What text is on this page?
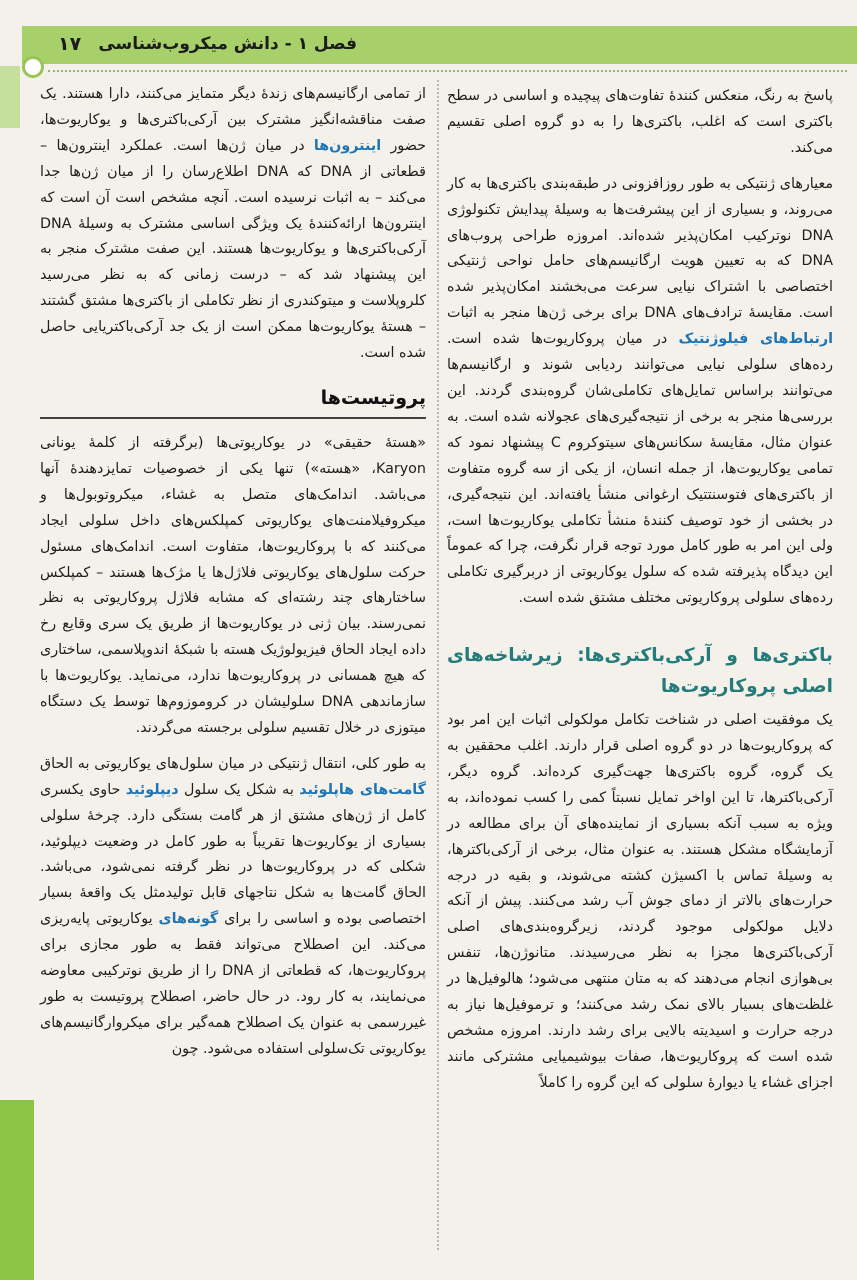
فصل ۱ - دانش میکروب‌شناسی
۱۷

پاسخ به رنگ، منعکس کنندهٔ تفاوت‌های پیچیده و اساسی در سطح باکتری است که اغلب، باکتری‌ها را به دو گروه اصلی تقسیم می‌کند.

معیارهای ژنتیکی به طور روزافزونی در طبقه‌بندی باکتری‌ها به کار می‌روند، و بسیاری از این پیشرفت‌ها به وسیلهٔ پیدایش تکنولوژی DNA نوترکیب امکان‌پذیر شده‌اند. امروزه طراحی پروب‌های DNA که به تعیین هویت ارگانیسم‌های حامل نواحی ژنتیکی اختصاصی با اشتراک نیایی سرعت می‌بخشند امکان‌پذیر شده است. مقایسهٔ ترادف‌های DNA برای برخی ژن‌ها منجر به اثبات ارتباط‌های فیلوژنتیک در میان پروکاریوت‌ها شده است. رده‌های سلولی نیایی می‌توانند ردیابی شوند و ارگانیسم‌ها می‌توانند براساس تمایل‌های تکاملی‌شان گروه‌بندی گردند. این بررسی‌ها منجر به برخی از نتیجه‌گیری‌های عجولانه شده است. به عنوان مثال، مقایسهٔ سکانس‌های سیتوکروم C پیشنهاد نمود که تمامی یوکاریوت‌ها، از جمله انسان، از یکی از سه گروه متفاوت از باکتری‌های فتوسنتتیک ارغوانی منشأ یافته‌اند. این نتیجه‌گیری، در بخشی از خود توصیف کنندهٔ منشأ تکاملی یوکاریوت‌ها است، ولی این امر به طور کامل مورد توجه قرار نگرفت، چرا که عموماً این دیدگاه پذیرفته شده که سلول یوکاریوتی از دربرگیری تکاملی رده‌های سلولی پروکاریوتی مختلف مشتق شده است.

باکتری‌ها و آرکی‌باکتری‌ها: زیرشاخه‌های اصلی پروکاریوت‌ها

یک موفقیت اصلی در شناخت تکامل مولکولی اثبات این امر بود که پروکاریوت‌ها در دو گروه اصلی قرار دارند. اغلب محققین به یک گروه، گروه باکتری‌ها جهت‌گیری کرده‌اند. گروه دیگر، آرکی‌باکترها، تا این اواخر تمایل نسبتاً کمی را کسب نموده‌اند، به ویژه به سبب آنکه بسیاری از نماینده‌های آن برای مطالعه در آزمایشگاه مشکل هستند. به عنوان مثال، برخی از آرکی‌باکترها، به وسیلهٔ تماس با اکسیژن کشته می‌شوند، و بقیه در درجه حرارت‌های بالاتر از دمای جوش آب رشد می‌کنند. پیش از آنکه دلایل مولکولی موجود گردند، زیرگروه‌بندی‌های اصلی آرکی‌باکتری‌ها مجزا به نظر می‌رسیدند. متانوژن‌ها، تنفس بی‌هوازی انجام می‌دهند که به متان منتهی می‌شود؛ هالوفیل‌ها در غلظت‌های بسیار بالای نمک رشد می‌کنند؛ و ترموفیل‌ها نیاز به درجه حرارت و اسیدیته بالایی برای رشد دارند. امروزه مشخص شده است که پروکاریوت‌ها، صفات بیوشیمیایی مشترکی مانند اجزای غشاء یا دیوارهٔ سلولی که این گروه را کاملاً

از تمامی ارگانیسم‌های زندهٔ دیگر متمایز می‌کنند، دارا هستند. یک صفت مناقشه‌انگیز مشترک بین آرکی‌باکتری‌ها و یوکاریوت‌ها، حضور اینترون‌ها در میان ژن‌ها است. عملکرد اینترون‌ها – قطعاتی از DNA که DNA اطلاع‌رسان را از میان ژن‌ها جدا می‌کند – به اثبات نرسیده است. آنچه مشخص است آن است که اینترون‌ها ارائه‌کنندهٔ یک ویژگی اساسی مشترک به وسیلهٔ DNA آرکی‌باکتری‌ها و یوکاریوت‌ها هستند. این صفت مشترک منجر به این پیشنهاد شد که – درست زمانی که به نظر می‌رسید کلروپلاست و میتوکندری از نظر تکاملی از باکتری‌ها مشتق گشتند – هستهٔ یوکاریوت‌ها ممکن است از یک جد آرکی‌باکتریایی حاصل شده است.

پروتیست‌ها

«هستهٔ حقیقی» در یوکاریوتی‌ها (برگرفته از کلمهٔ یونانی Karyon، «هسته») تنها یکی از خصوصیات تمایزدهندهٔ آنها می‌باشد. اندامک‌های متصل به غشاء، میکروتوبول‌ها و میکروفیلامنت‌های یوکاریوتی کمپلکس‌های داخل سلولی ایجاد می‌کنند که با پروکاریوت‌ها، متفاوت است. اندامک‌های مسئول حرکت سلول‌های یوکاریوتی فلاژل‌ها یا مژک‌ها هستند – کمپلکس ساختارهای چند رشته‌ای که مشابه فلاژل پروکاریوتی به نظر نمی‌رسند. بیان ژنی در یوکاریوت‌ها از طریق یک سری وقایع رخ داده ایجاد الحاق فیزیولوژیک هسته با شبکهٔ اندوپلاسمی، ساختاری که هیچ همسانی در پروکاریوت‌ها ندارد، می‌نماید. یوکاریوت‌ها با سازماندهی DNA سلولیشان در کروموزوم‌ها توسط یک دستگاه میتوزی در خلال تقسیم سلولی برجسته می‌گردند.

به طور کلی، انتقال ژنتیکی در میان سلول‌های یوکاریوتی به الحاق گامت‌های هاپلوئید به شکل یک سلول دیپلوئید حاوی یکسری کامل از ژن‌های مشتق از هر گامت بستگی دارد. چرخهٔ سلولی بسیاری از یوکاریوت‌ها تقریباً به طور کامل در وضعیت دیپلوئید، شکلی که در پروکاریوت‌ها در نظر گرفته نمی‌شود، می‌باشد. الحاق گامت‌ها به شکل نتاجهای قابل تولیدمثل یک واقعهٔ بسیار اختصاصی بوده و اساسی را برای گونه‌های یوکاریوتی پایه‌ریزی می‌کند. این اصطلاح می‌تواند فقط به طور مجازی برای پروکاریوت‌ها، که قطعاتی از DNA را از طریق نوترکیبی معاوضه می‌نمایند، به کار رود. در حال حاضر، اصطلاح پروتیست به طور غیررسمی به عنوان یک اصطلاح همه‌گیر برای میکروارگانیسم‌های یوکاریوتی تک‌سلولی استفاده می‌شود. چون
